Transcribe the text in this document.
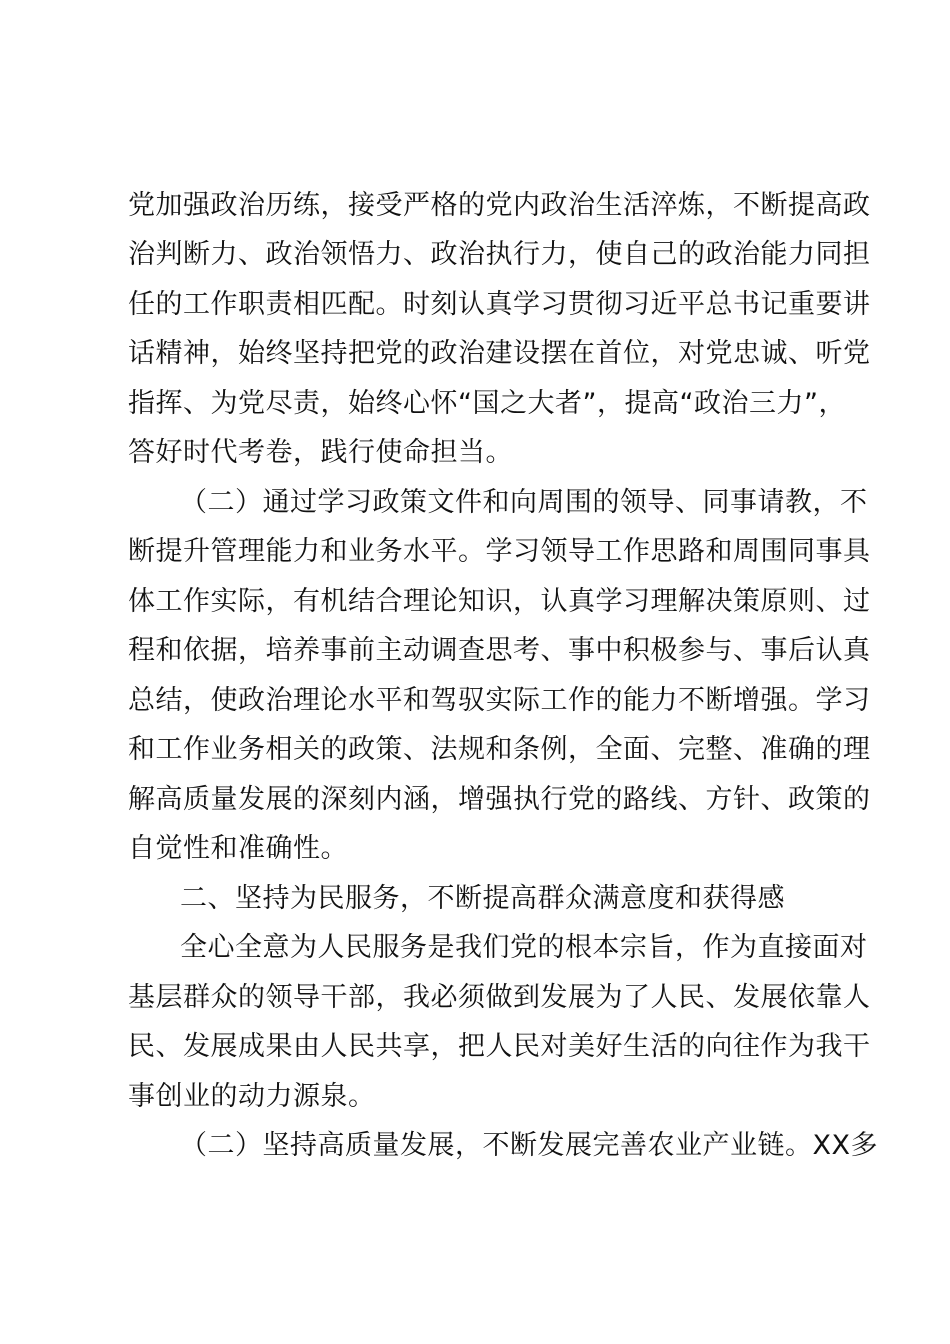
党加强政治历练，接受严格的党内政治生活淬炼，不断提高政
治判断力、政治领悟力、政治执行力，使自己的政治能力同担
任的工作职责相匹配。时刻认真学习贯彻习近平总书记重要讲
话精神，始终坚持把党的政治建设摆在首位，对党忠诚、听党
指挥、为党尽责，始终心怀“国之大者”，提高“政治三力”，
答好时代考卷，践行使命担当。
（二）通过学习政策文件和向周围的领导、同事请教，不
断提升管理能力和业务水平。学习领导工作思路和周围同事具
体工作实际，有机结合理论知识，认真学习理解决策原则、过
程和依据，培养事前主动调查思考、事中积极参与、事后认真
总结，使政治理论水平和驾驭实际工作的能力不断增强。学习
和工作业务相关的政策、法规和条例，全面、完整、准确的理
解高质量发展的深刻内涵，增强执行党的路线、方针、政策的
自觉性和准确性。
二、坚持为民服务，不断提高群众满意度和获得感
全心全意为人民服务是我们党的根本宗旨，作为直接面对
基层群众的领导干部，我必须做到发展为了人民、发展依靠人
民、发展成果由人民共享，把人民对美好生活的向往作为我干
事创业的动力源泉。
（二）坚持高质量发展，不断发展完善农业产业链。XX多
